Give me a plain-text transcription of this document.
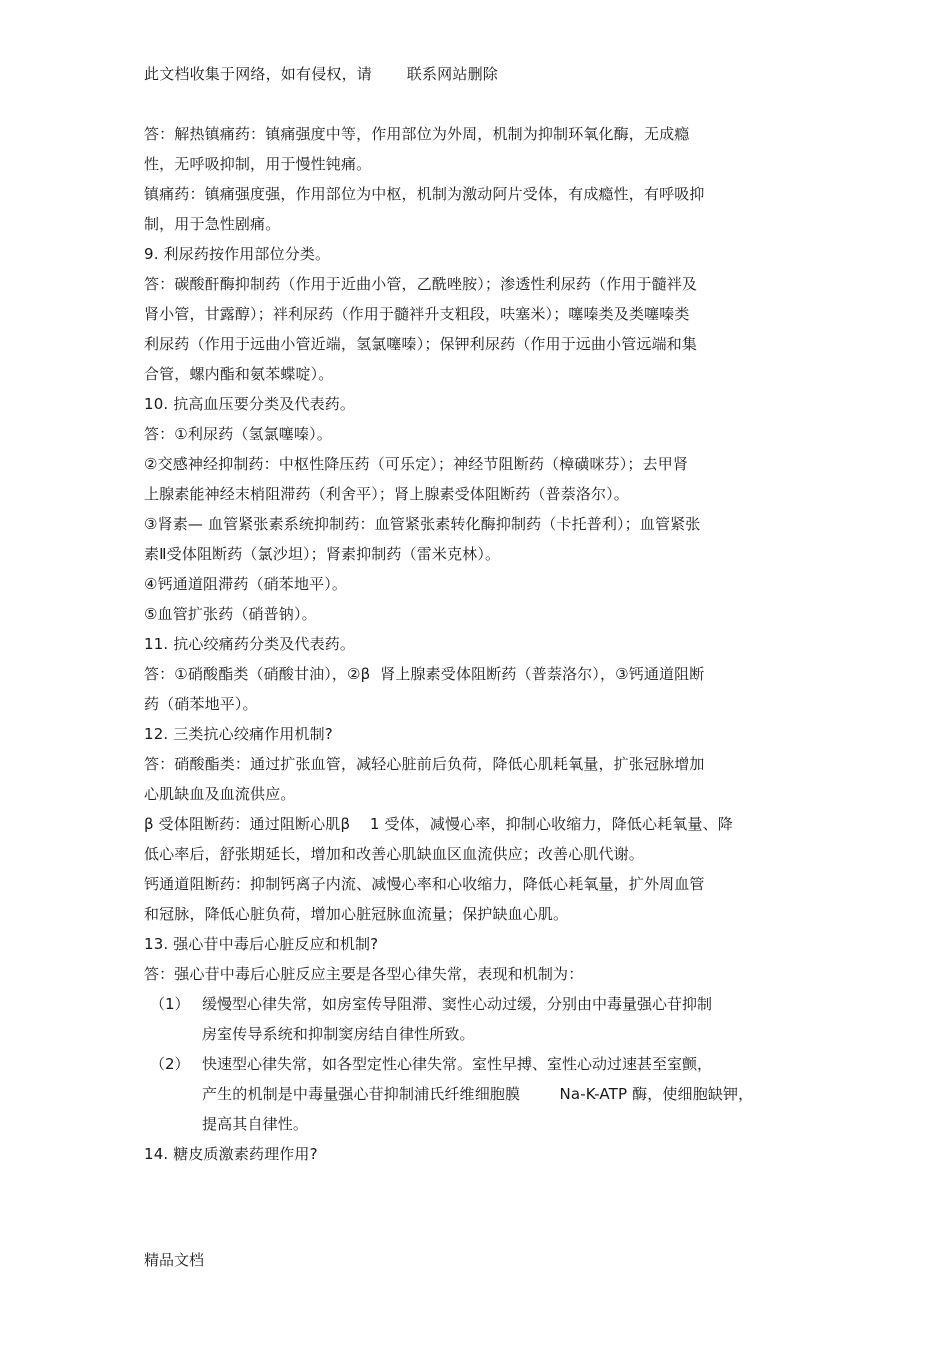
此文档收集于网络，如有侵权，请       联系网站删除
答：解热镇痛药：镇痛强度中等，作用部位为外周，机制为抑制环氧化酶，无成瘾
性，无呼吸抑制，用于慢性钝痛。
镇痛药：镇痛强度强，作用部位为中枢，机制为激动阿片受体，有成瘾性，有呼吸抑
制，用于急性剧痛。
9. 利尿药按作用部位分类。
答：碳酸酐酶抑制药（作用于近曲小管，乙酰唑胺）；渗透性利尿药（作用于髓袢及
肾小管，甘露醇）；袢利尿药（作用于髓袢升支粗段，呋塞米）；噻嗪类及类噻嗪类
利尿药（作用于远曲小管近端，氢氯噻嗪）；保钾利尿药（作用于远曲小管远端和集
合管，螺内酯和氨苯蝶啶）。
10. 抗高血压要分类及代表药。
答：①利尿药（氢氯噻嗪）。
②交感神经抑制药：中枢性降压药（可乐定）；神经节阻断药（樟磺咪芬）；去甲肾
上腺素能神经末梢阻滞药（利舍平）；肾上腺素受体阻断药（普萘洛尔）。
③肾素— 血管紧张素系统抑制药：血管紧张素转化酶抑制药（卡托普利）；血管紧张
素Ⅱ受体阻断药（氯沙坦）；肾素抑制药（雷米克林）。
④钙通道阻滞药（硝苯地平）。
⑤血管扩张药（硝普钠）。
11. 抗心绞痛药分类及代表药。
答：①硝酸酯类（硝酸甘油），②β  肾上腺素受体阻断药（普萘洛尔），③钙通道阻断
药（硝苯地平）。
12. 三类抗心绞痛作用机制?
答：硝酸酯类：通过扩张血管，减轻心脏前后负荷，降低心肌耗氧量，扩张冠脉增加
心肌缺血及血流供应。
β 受体阻断药：通过阻断心肌β    1 受体，减慢心率，抑制心收缩力，降低心耗氧量、降
低心率后，舒张期延长，增加和改善心肌缺血区血流供应；改善心肌代谢。
钙通道阻断药：抑制钙离子内流、减慢心率和心收缩力，降低心耗氧量，扩外周血管
和冠脉，降低心脏负荷，增加心脏冠脉血流量；保护缺血心肌。
13. 强心苷中毒后心脏反应和机制?
答：强心苷中毒后心脏反应主要是各型心律失常，表现和机制为：
（1） 缓慢型心律失常，如房室传导阻滞、窦性心动过缓，分别由中毒量强心苷抑制
房室传导系统和抑制窦房结自律性所致。
（2） 快速型心律失常，如各型定性心律失常。室性早搏、室性心动过速甚至室颤，
产生的机制是中毒量强心苷抑制浦氏纤维细胞膜        Na-K-ATP 酶，使细胞缺钾，
提高其自律性。
14. 糖皮质激素药理作用?
精品文档
